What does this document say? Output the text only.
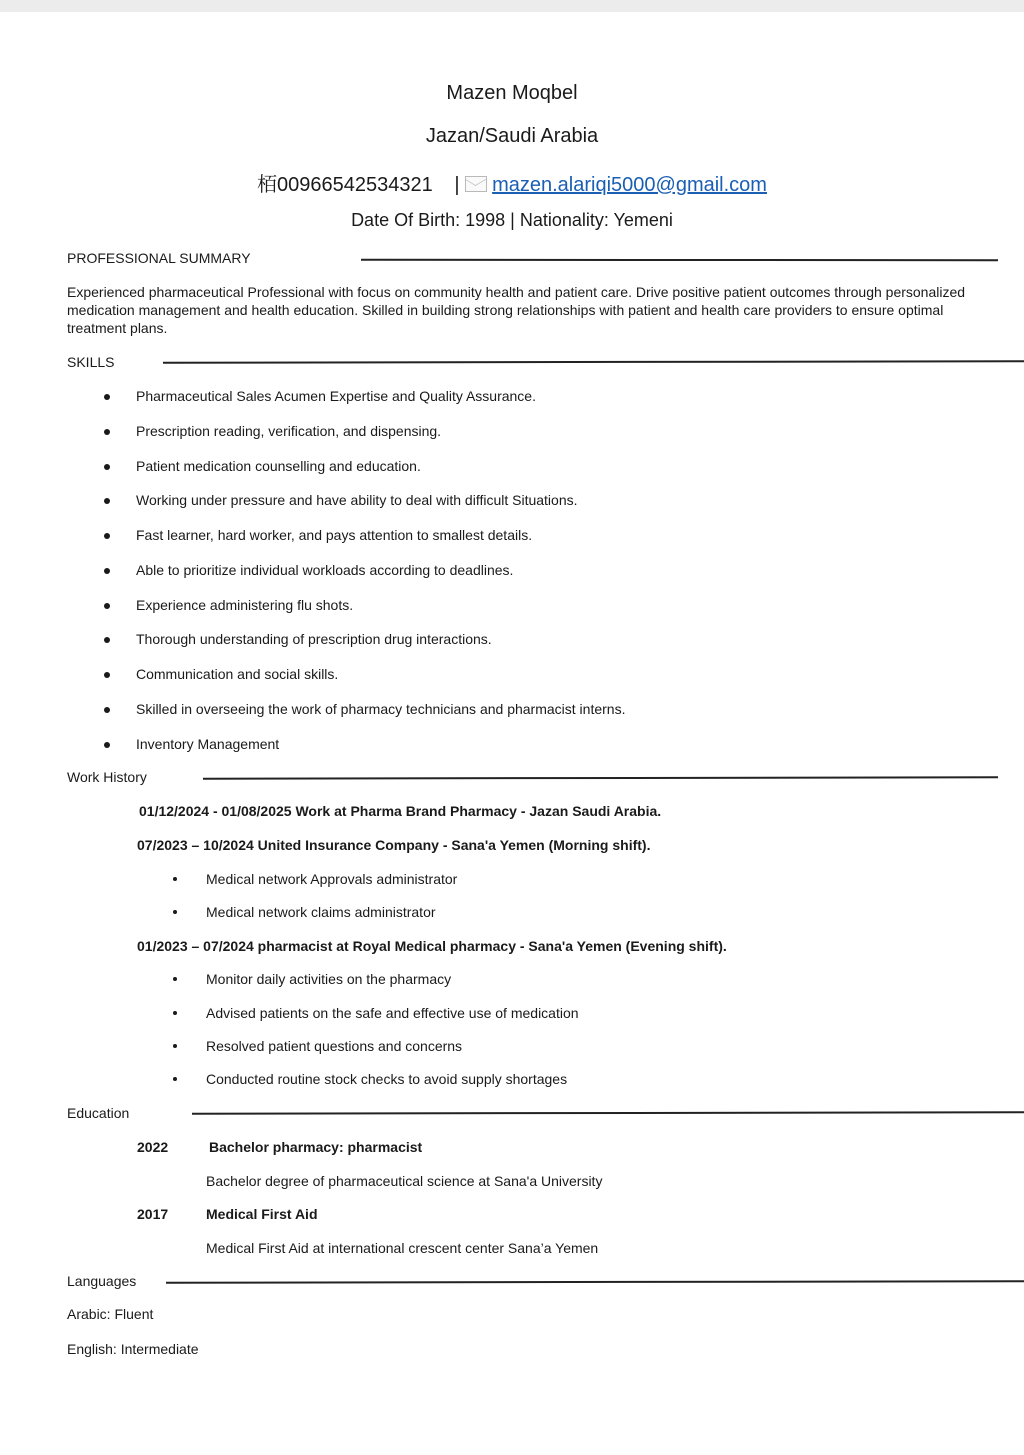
Mazen Moqbel
Jazan/Saudi Arabia
栢00966542534321 | mazen.alariqi5000@gmail.com
Date Of Birth: 1998 | Nationality: Yemeni
PROFESSIONAL SUMMARY
Experienced pharmaceutical Professional with focus on community health and patient care. Drive positive patient outcomes through personalized medication management and health education. Skilled in building strong relationships with patient and health care providers to ensure optimal treatment plans.
SKILLS
Pharmaceutical Sales Acumen Expertise and Quality Assurance.
Prescription reading, verification, and dispensing.
Patient medication counselling and education.
Working under pressure and have ability to deal with difficult Situations.
Fast learner, hard worker, and pays attention to smallest details.
Able to prioritize individual workloads according to deadlines.
Experience administering flu shots.
Thorough understanding of prescription drug interactions.
Communication and social skills.
Skilled in overseeing the work of pharmacy technicians and pharmacist interns.
Inventory Management
Work History
01/12/2024 - 01/08/2025 Work at Pharma Brand Pharmacy - Jazan Saudi Arabia.
07/2023 – 10/2024 United Insurance Company - Sana'a Yemen (Morning shift).
Medical network Approvals administrator
Medical network claims administrator
01/2023 – 07/2024 pharmacist at Royal Medical pharmacy - Sana'a Yemen (Evening shift).
Monitor daily activities on the pharmacy
Advised patients on the safe and effective use of medication
Resolved patient questions and concerns
Conducted routine stock checks to avoid supply shortages
Education
2022	Bachelor pharmacy: pharmacist
Bachelor degree of pharmaceutical science at Sana'a University
2017	Medical First Aid
Medical First Aid at international crescent center Sana’a Yemen
Languages
Arabic: Fluent
English: Intermediate
